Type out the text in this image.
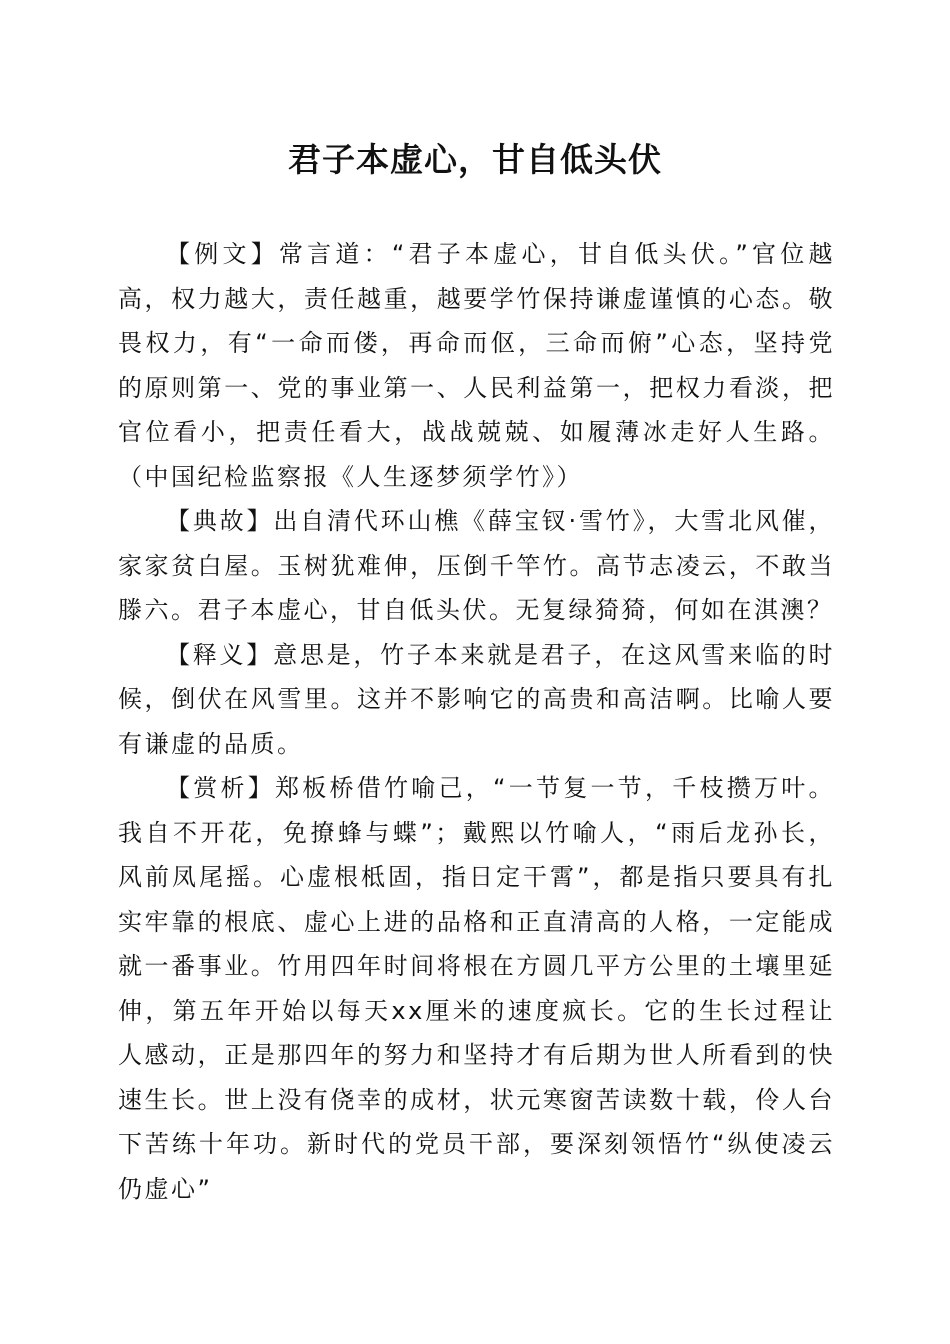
君子本虚心，甘自低头伏

【例文】常言道：“君子本虚心，甘自低头伏。”官位越高，权力越大，责任越重，越要学竹保持谦虚谨慎的心态。敬畏权力，有“一命而偻，再命而伛，三命而俯”心态，坚持党的原则第一、党的事业第一、人民利益第一，把权力看淡，把官位看小，把责任看大，战战兢兢、如履薄冰走好人生路。（中国纪检监察报《人生逐梦须学竹》）

【典故】出自清代环山樵《薛宝钗·雪竹》，大雪北风催，家家贫白屋。玉树犹难伸，压倒千竿竹。高节志凌云，不敢当滕六。君子本虚心，甘自低头伏。无复绿猗猗，何如在淇澳？

【释义】意思是，竹子本来就是君子，在这风雪来临的时候，倒伏在风雪里。这并不影响它的高贵和高洁啊。比喻人要有谦虚的品质。

【赏析】郑板桥借竹喻己，“一节复一节，千枝攒万叶。我自不开花，免撩蜂与蝶”；戴熙以竹喻人，“雨后龙孙长，风前凤尾摇。心虚根柢固，指日定干霄”，都是指只要具有扎实牢靠的根底、虚心上进的品格和正直清高的人格，一定能成就一番事业。竹用四年时间将根在方圆几平方公里的土壤里延伸，第五年开始以每天xx厘米的速度疯长。它的生长过程让人感动，正是那四年的努力和坚持才有后期为世人所看到的快速生长。世上没有侥幸的成材，状元寒窗苦读数十载，伶人台下苦练十年功。新时代的党员干部，要深刻领悟竹“纵使凌云仍虚心”
